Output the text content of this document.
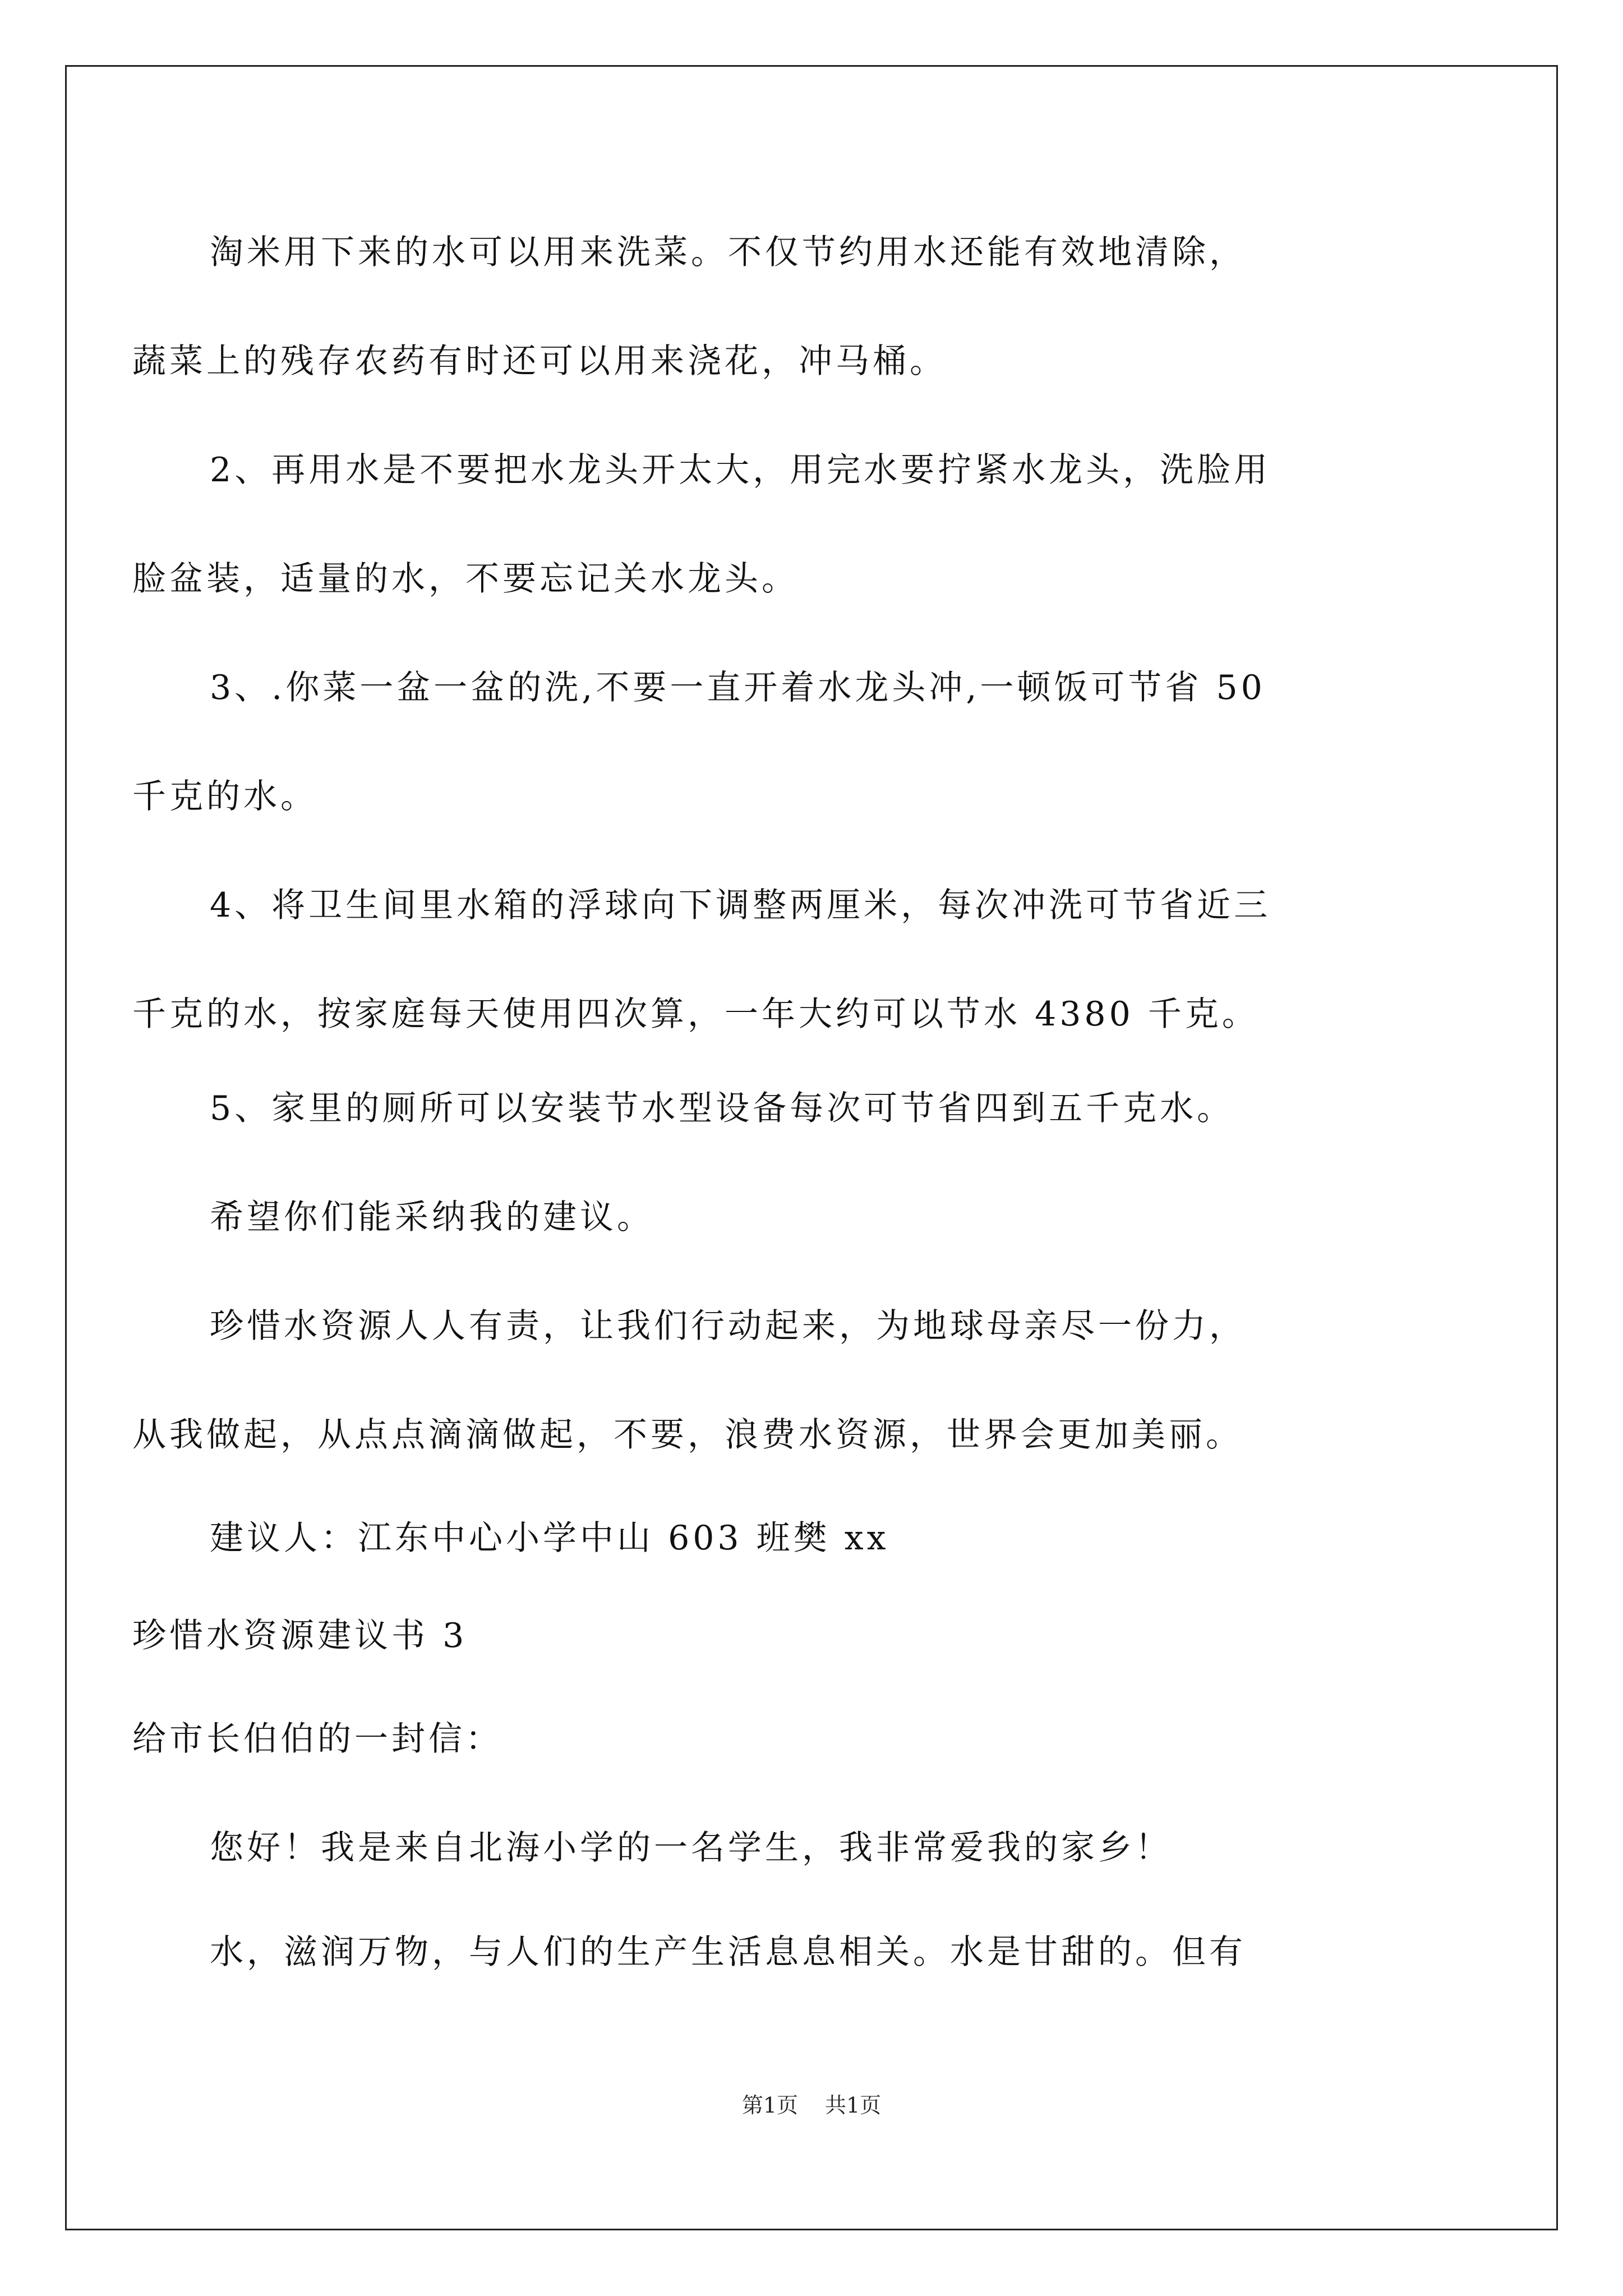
淘米用下来的水可以用来洗菜。不仅节约用水还能有效地清除，
蔬菜上的残存农药有时还可以用来浇花，冲马桶。
2、再用水是不要把水龙头开太大，用完水要拧紧水龙头，洗脸用
脸盆装，适量的水，不要忘记关水龙头。
3、.你菜一盆一盆的洗,不要一直开着水龙头冲,一顿饭可节省 50
千克的水。
4、将卫生间里水箱的浮球向下调整两厘米，每次冲洗可节省近三
千克的水，按家庭每天使用四次算，一年大约可以节水 4380 千克。
5、家里的厕所可以安装节水型设备每次可节省四到五千克水。
希望你们能采纳我的建议。
珍惜水资源人人有责，让我们行动起来，为地球母亲尽一份力，
从我做起，从点点滴滴做起，不要，浪费水资源，世界会更加美丽。
建议人：江东中心小学中山 603 班樊 xx
珍惜水资源建议书 3
给市长伯伯的一封信：
您好！我是来自北海小学的一名学生，我非常爱我的家乡！
水，滋润万物，与人们的生产生活息息相关。水是甘甜的。但有
第1页 共1页
